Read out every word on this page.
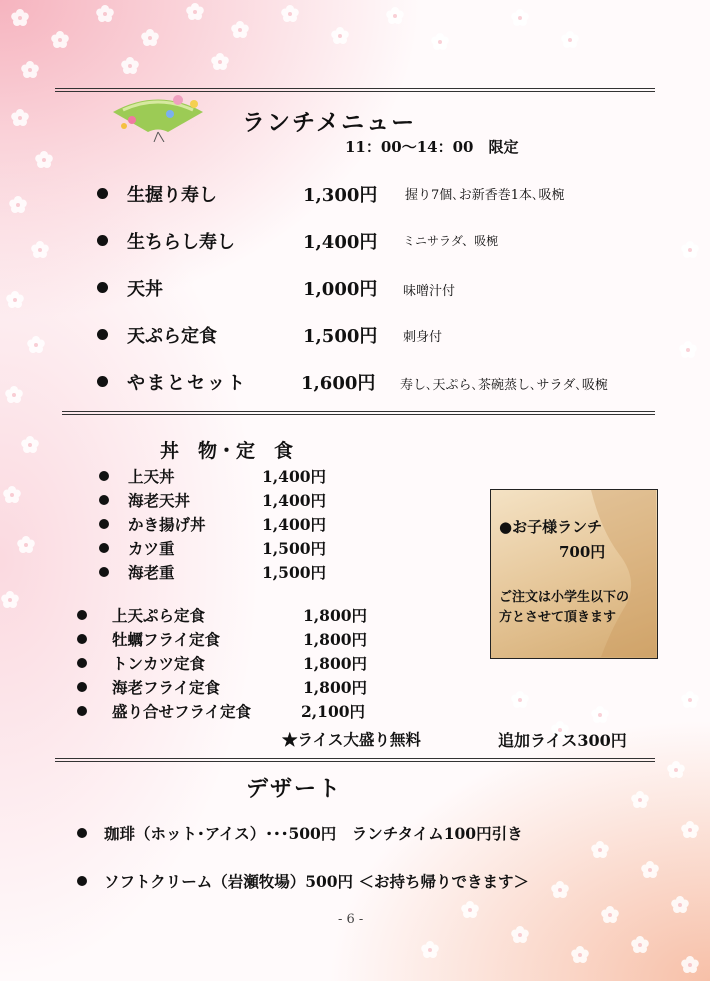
ランチメニュー
11：00〜14：00　限定
生握り寿し	1,300円 握り7個､お新香巻1本､吸椀
生ちらし寿し	1,400円 ミニサラダ、吸椀
天丼	1,000円 味噌汁付
天ぷら定食	1,500円 刺身付
やまとセット	1,600円 寿し､天ぷら､茶碗蒸し､サラダ､吸椀
丼　物・定　食
上天丼	1,400円
海老天丼	1,400円
かき揚げ丼	1,400円
カツ重	1,500円
海老重	1,500円
上天ぷら定食	1,800円
牡蠣フライ定食	1,800円
トンカツ定食	1,800円
海老フライ定食	1,800円
盛り合せフライ定食	2,100円
★ライス大盛り無料	追加ライス300円
●お子様ランチ
700円
ご注文は小学生以下の
方とさせて頂きます
デザート
珈琲（ホット･アイス）･･･500円　ランチタイム100円引き
ソフトクリーム（岩瀬牧場）500円 ＜お持ち帰りできます＞
- 6 -
